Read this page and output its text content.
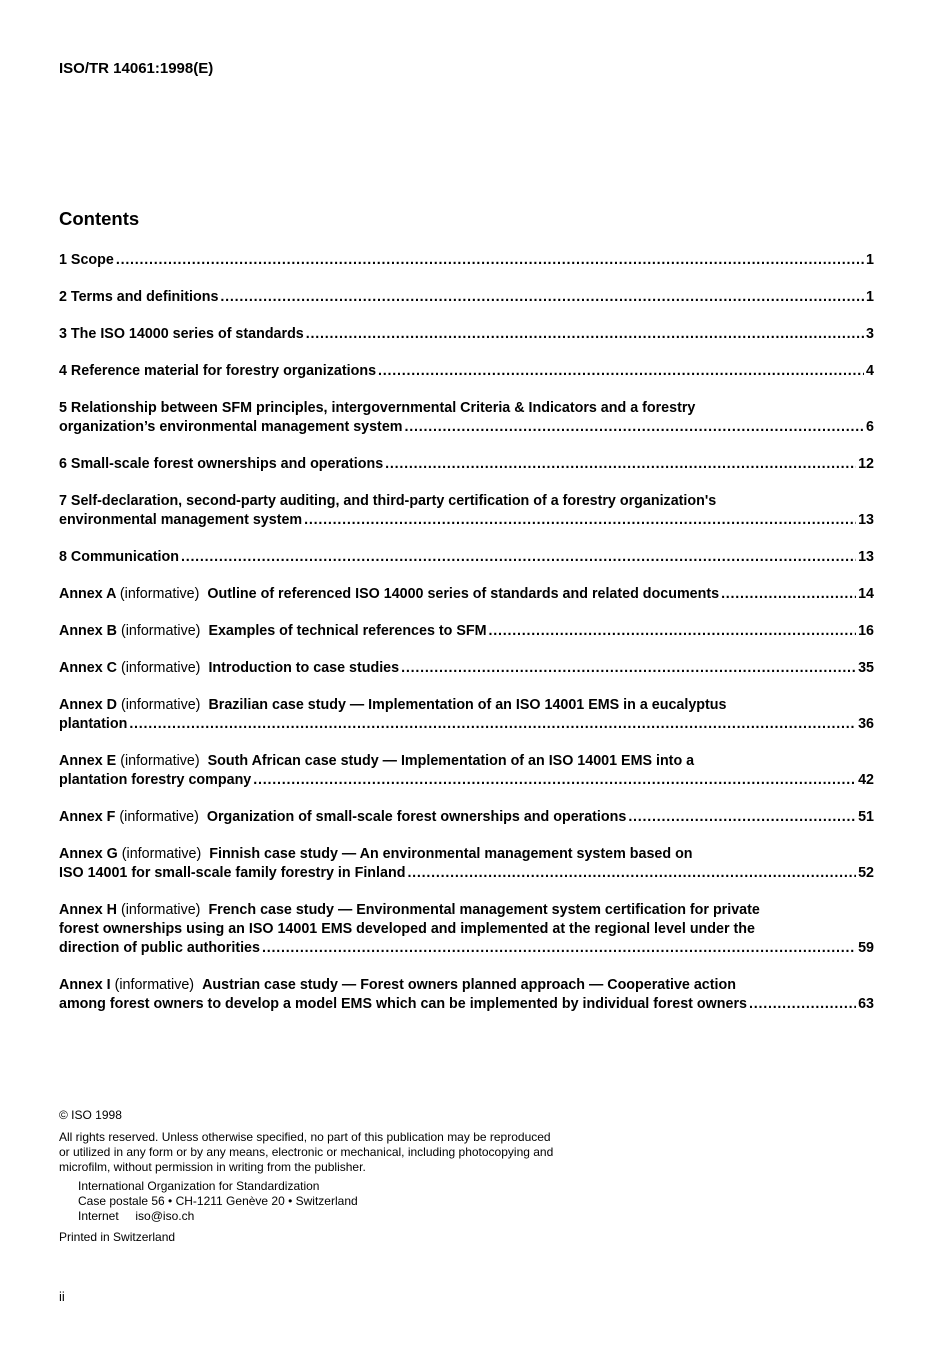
ISO/TR 14061:1998(E)
Contents
1 Scope . . .	1
2 Terms and definitions . . .	1
3 The ISO 14000 series of standards . . .	3
4 Reference material for forestry organizations . . .	4
5 Relationship between SFM principles, intergovernmental Criteria & Indicators and a forestry
organization’s environmental management system . . .	6
6 Small-scale forest ownerships and operations . . .	12
7 Self-declaration, second-party auditing, and third-party certification of a forestry organization's
environmental management system . . .	13
8 Communication . . .	13
Annex A (informative) Outline of referenced ISO 14000 series of standards and related documents . . .	14
Annex B (informative) Examples of technical references to SFM . . .	16
Annex C (informative) Introduction to case studies . . .	35
Annex D (informative) Brazilian case study — Implementation of an ISO 14001 EMS in a eucalyptus
plantation . . .	36
Annex E (informative) South African case study — Implementation of an ISO 14001 EMS into a
plantation forestry company . . .	42
Annex F (informative) Organization of small-scale forest ownerships and operations . . .	51
Annex G (informative) Finnish case study — An environmental management system based on
ISO 14001 for small-scale family forestry in Finland . . .	52
Annex H (informative) French case study — Environmental management system certification for private
forest ownerships using an ISO 14001 EMS developed and implemented at the regional level under the
direction of public authorities . . .	59
Annex I (informative) Austrian case study — Forest owners planned approach — Cooperative action
among forest owners to develop a model EMS which can be implemented by individual forest owners . . .	63

© ISO 1998

All rights reserved. Unless otherwise specified, no part of this publication may be reproduced

or utilized in any form or by any means, electronic or mechanical, including photocopying and

microfilm, without permission in writing from the publisher.

International Organization for Standardization

Case postale 56 • CH-1211 Genève 20 • Switzerland

Internet iso@iso.ch

Printed in Switzerland

ii
